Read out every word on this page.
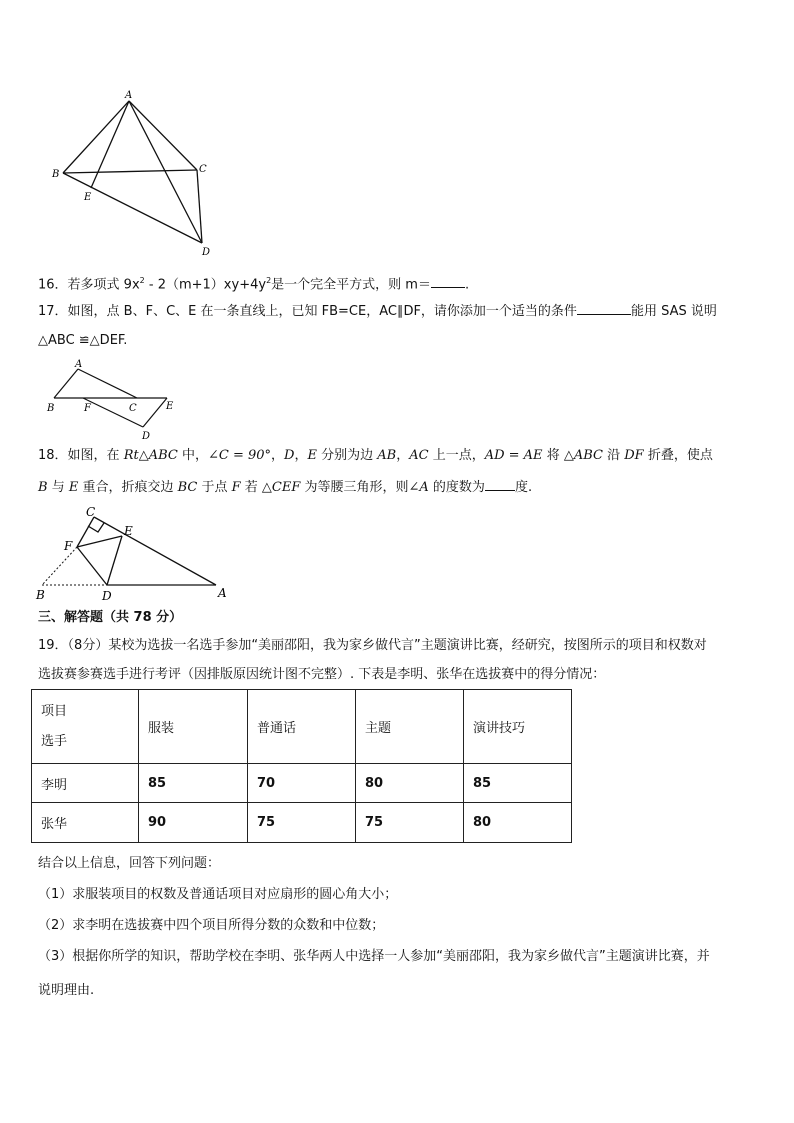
A
B	C
E
D
16．若多项式 $9x^2 - 2(m+1)xy+4y^2$是一个完全平方式，则 m＝	.
17．如图，点 B、F、C、E 在一条直线上，已知 FB=CE，AC∥DF，请你添加一个适当的条件	能用 SAS 说明
△ABC ≌△DEF.
A
B	F	C	E
D
18．如图，在 Rt△ABC 中，∠C = 90°，D，E 分别为边 AB，AC 上一点，AD = AE 将 △ABC 沿 DF 折叠，使点
B 与 E 重合，折痕交边 BC 于点 F 若 △CEF 为等腰三角形，则∠A 的度数为 度.
C
E
F
B	D	A
三、解答题（共 78 分）
19．（8分）某校为选拔一名选手参加“美丽邵阳，我为家乡做代言”主题演讲比赛，经研究，按图所示的项目和权数对
选拔赛参赛选手进行考评（因排版原因统计图不完整）. 下表是李明、张华在选拔赛中的得分情况：
项目
选手	服装	普通话	主题	演讲技巧
李明	85	70	80	85
张华	90	75	75	80
结合以上信息，回答下列问题：
（1）求服装项目的权数及普通话项目对应扇形的圆心角大小；
（2）求李明在选拔赛中四个项目所得分数的众数和中位数；
（3）根据你所学的知识，帮助学校在李明、张华两人中选择一人参加“美丽邵阳，我为家乡做代言”主题演讲比赛，并
说明理由.
